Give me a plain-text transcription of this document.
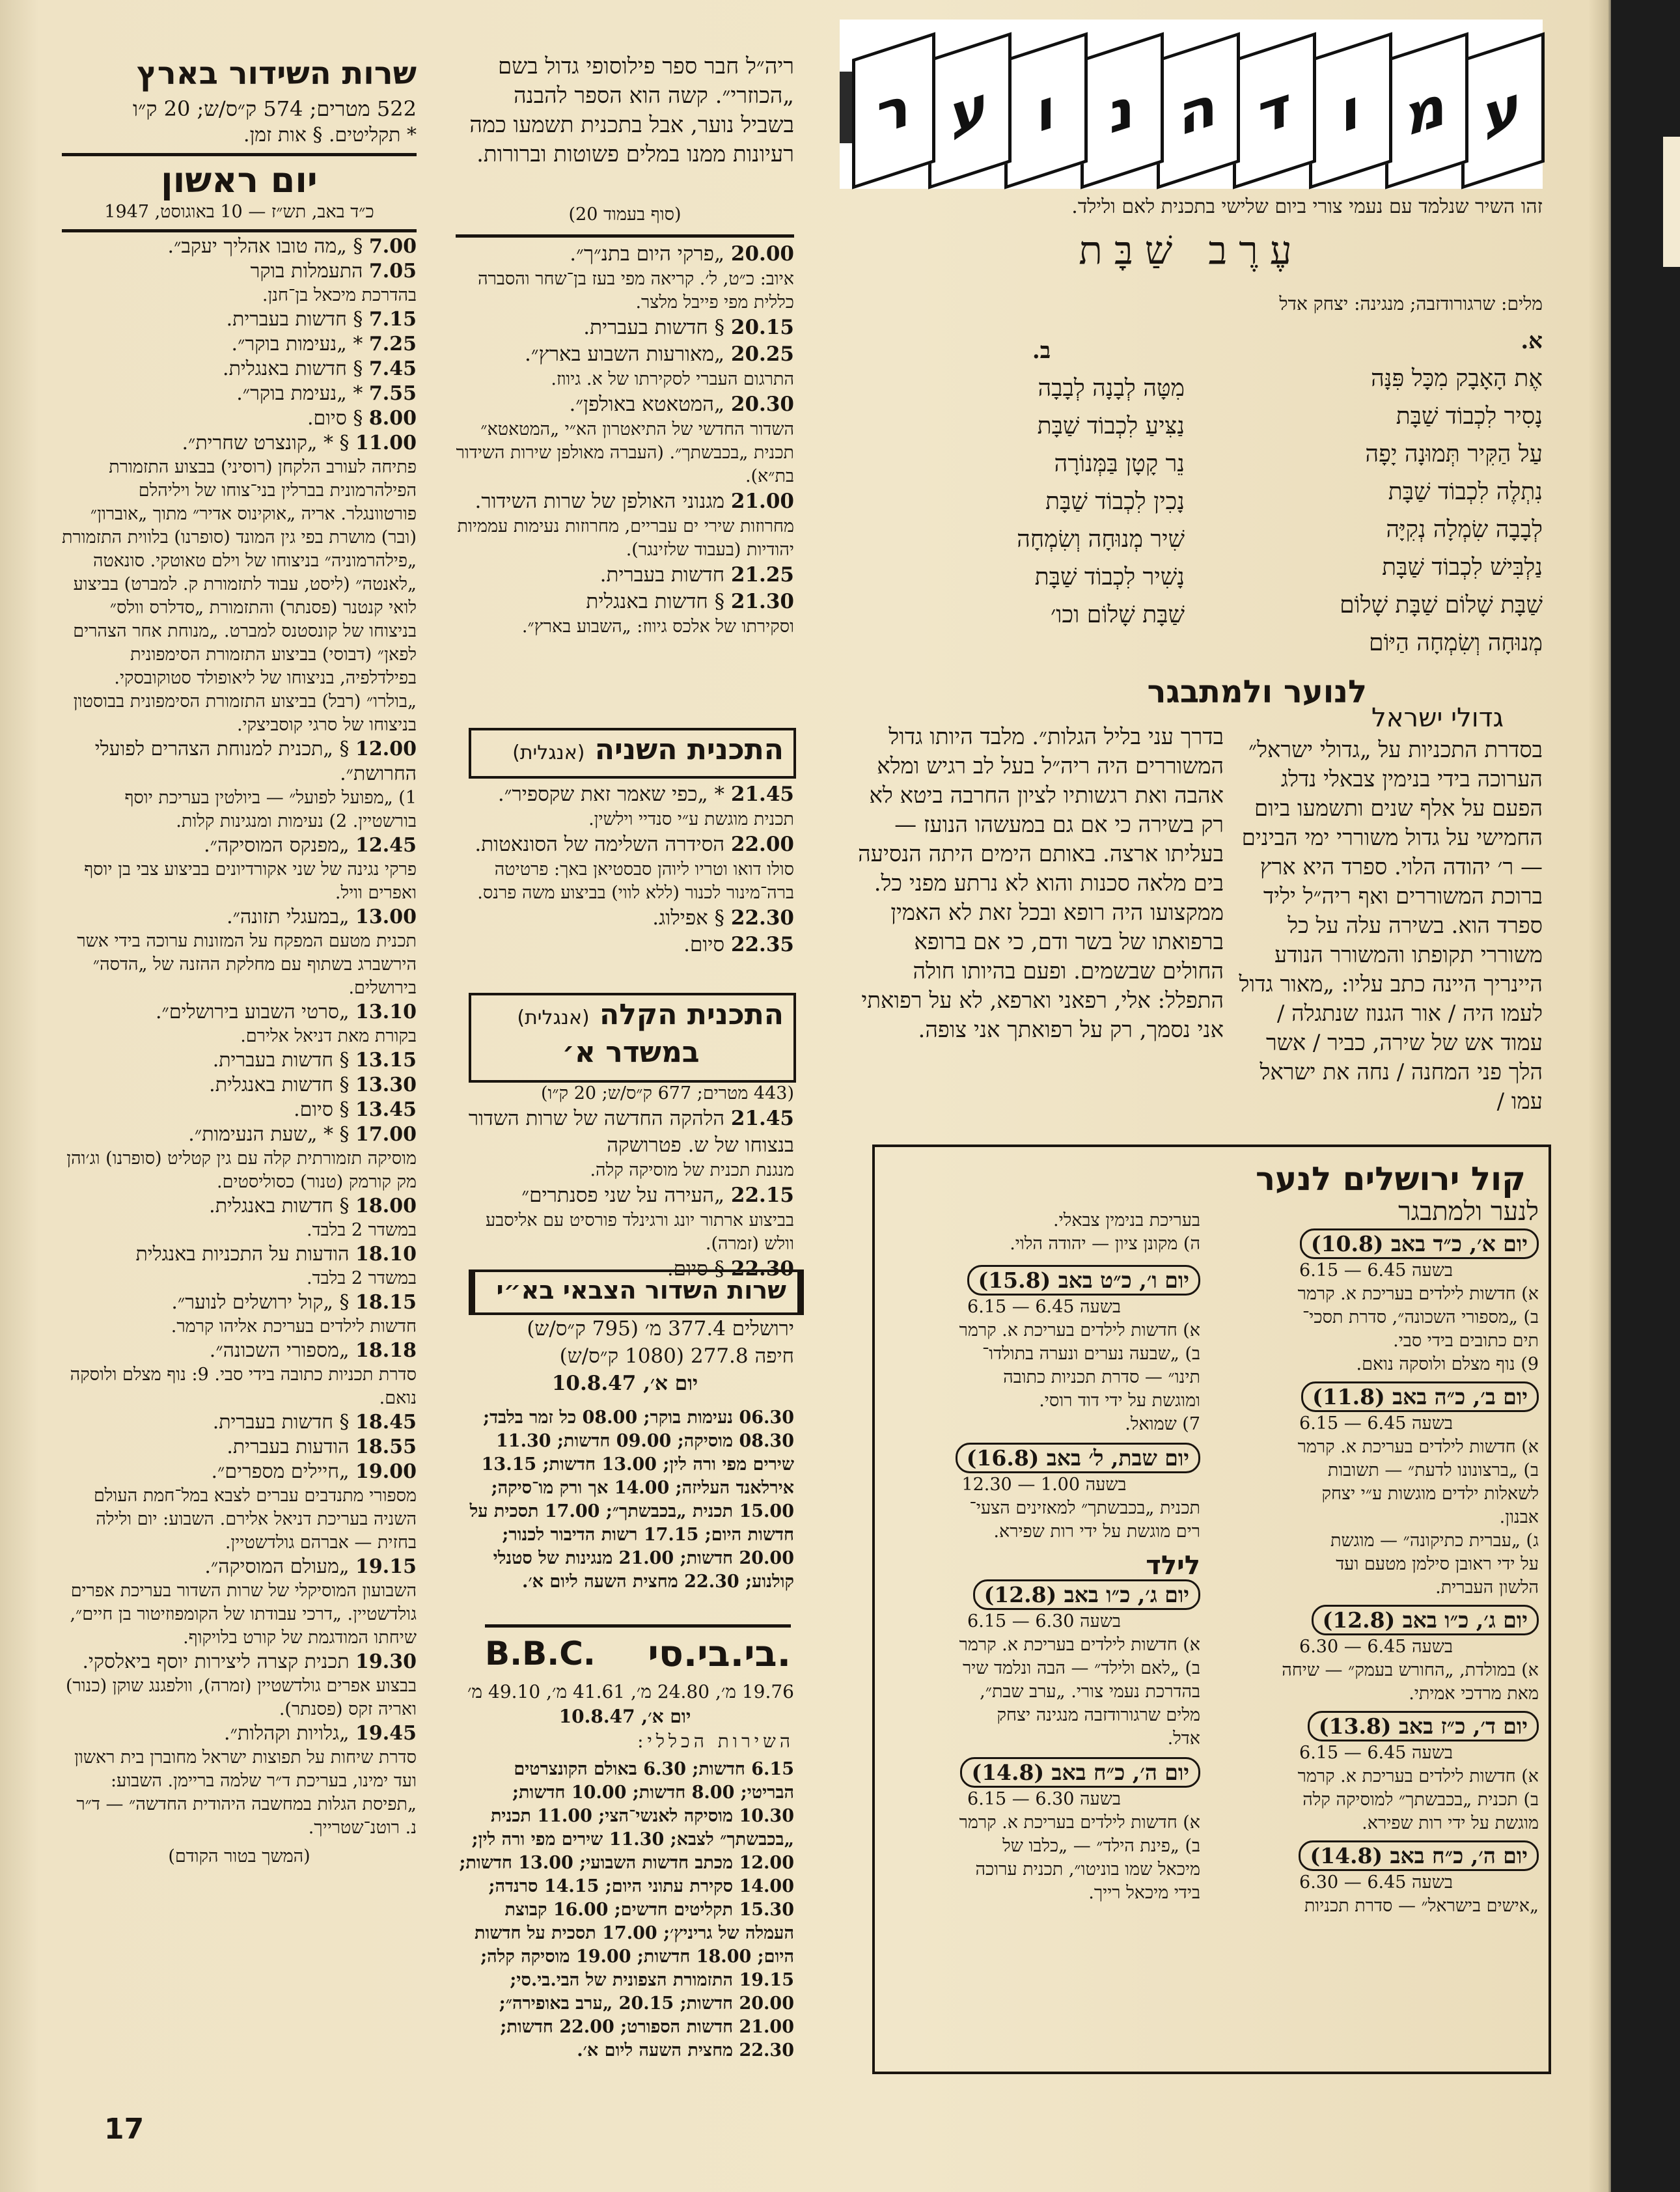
ע
מ
ו
ד
ה
נ
ו
ע
ר
זהו השיר שנלמד עם נעמי צורי ביום שלישי בתכנית לאם ולילד.
עֶרֶב שַׁבָּת
מלים: שרגורודזבה; מנגינה: יצחק אדל
א.
אֶת הָאָבָק מִכָּל פִּנָּה
נָסִיר לִכְבוֹד שַׁבָּת
עַל הַקִּיר תְּמוּנָה יָפָה
נִתְלֶה לִכְבוֹד שַׁבָּת
לְבָבָה שִׂמְלָה נְקִיָּה
נַלְבִּישׁ לִכְבוֹד שַׁבָּת
שַׁבָּת שָׁלוֹם שַׁבָּת שָׁלוֹם
מְנוּחָה וְשִׂמְחָה הַיּוֹם
ב.
מִטָּה לְבָנָה לְבָבָה
נַצִּיעַ לִכְבוֹד שַׁבָּת
נֵר קָטָן בַּמְּנוֹרָה
נָכִין לִכְבוֹד שַׁבָּת
שִׁיר מְנוּחָה וְשִׂמְחָה
נָשִׁיר לִכְבוֹד שַׁבָּת
שַׁבָּת שָׁלוֹם וכו׳
לנוער ולמתבגר
גדולי ישראל
בסדרת התכניות על „גדולי ישראל״ הערוכה בידי בנימין צבאלי נדלג הפעם על אלף שנים ותשמעו ביום החמישי על גדול משוררי ימי הבינים — ר׳ יהודה הלוי. ספרד היא ארץ ברוכת המשוררים ואף ריה״ל יליד ספרד הוא. בשירה עלה על כל משוררי תקופתו והמשורר הנודע היינריך היינה כתב עליו: „מאור גדול לעמו היה / אור הגנוז שנתגלה / עמוד אש של שירה, כביר / אשר הלך פני המחנה / נחה את ישראל עמו /
בדרך עני בליל הגלות״. מלבד היותו גדול המשוררים היה ריה״ל בעל לב רגיש ומלא אהבה ואת רגשותיו לציון החרבה ביטא לא רק בשירה כי אם גם במעשהו הנועז — בעליתו ארצה. באותם הימים היתה הנסיעה בים מלאה סכנות והוא לא נרתע מפני כל. ממקצועו היה רופא ובכל זאת לא האמין ברפואתו של בשר ודם, כי אם ברופא החולים שבשמים. ופעם בהיותו חולה התפלל: אלי, רפאני וארפא, לא על רפואתי אני נסמך, רק על רפואתך אני צופה.
קול ירושלים לנער
לנער ולמתבגר
יום א׳, כ״ד באב (10.8)
בשעה 6.45 — 6.15
א) חדשות לילדים בעריכת א. קרמר
ב) „מספורי השכונה״, סדרת תסכי־
תים כתובים בידי סבי.
9) נוף מצלם ולוסקה נואם.
יום ב׳, כ״ה באב (11.8)
בשעה 6.45 — 6.15
א) חדשות לילדים בעריכת א. קרמר
ב) „ברצונונו לדעת״ — תשובות
לשאלות ילדים מוגשות ע״י יצחק
אבנון.
ג) „עברית כתיקונה״ — מוגשת
על ידי ראובן סילמן מטעם ועד
הלשון העברית.
יום ג׳, כ״ו באב (12.8)
בשעה 6.45 — 6.30
א) במולדת, „החורש בעמק״ — שיחה
מאת מרדכי אמיתי.
יום ד׳, כ״ז באב (13.8)
בשעה 6.45 — 6.15
א) חדשות לילדים בעריכת א. קרמר
ב) תכנית „בכבשתך״ למוסיקה קלה
מוגשת על ידי רות שפירא.
יום ה׳, כ״ח באב (14.8)
בשעה 6.45 — 6.30
„אישים בישראל״ — סדרת תכניות
בעריכת בנימין צבאלי.
ה) מקונן ציון — יהודה הלוי.
יום ו׳, כ״ט באב (15.8)
בשעה 6.45 — 6.15
א) חדשות לילדים בעריכת א. קרמר
ב) „שבעה נערים ונערה בתולדו־
תינו״ — סדרת תכניות כתובה
ומוגשת על ידי דוד רוסי.
7) שמואל.
יום שבת, ל׳ באב (16.8)
בשעה 1.00 — 12.30
תכנית „בכבשתך״ למאזינים הצעי־
רים מוגשת על ידי רות שפירא.
לילד
יום ג׳, כ״ו באב (12.8)
בשעה 6.30 — 6.15
א) חדשות לילדים בעריכת א. קרמר
ב) „לאם ולילד״ — הבה ונלמד שיר
בהדרכת נעמי צורי. „ערב שבת״,
מלים שרגורודזבה מנגינה יצחק
אדל.
יום ה׳, כ״ח באב (14.8)
בשעה 6.30 — 6.15
א) חדשות לילדים בעריכת א. קרמר
ב) „פינת הילד״ — „כלבו של
מיכאל שמו בוניטו״, תכנית ערוכה
בידי מיכאל רייך.
ריה״ל חבר ספר פילוסופי גדול בשם „הכוזרי״. קשה הוא הספר להבנה בשביל נוער, אבל בתכנית תשמעו כמה רעיונות ממנו במלים פשוטות וברורות.
(סוף בעמוד 20)
20.00 „פרקי היום בתנ״ך״.
איוב: כ״ט, ל׳. קריאה מפי בעז בן־שחר והסברה כללית מפי פייבל מלצר.
20.15 § חדשות בעברית.
20.25 „מאורעות השבוע בארץ״.
התרגום העברי לסקירתו של א. גיווז.
20.30 „המטאטא באולפן״.
השדור החדשי של התיאטרון הא״י „המטאטא״ תכנית „בכבשתך״. (העברה מאולפן שירות השידור בת״א).
21.00 מגנוני האולפן של שרות השידור.
מחרוזות שירי ים עבריים, מחרוזות נעימות עממיות יהודיות (בעבוד שלזינגר).
21.25 חדשות בעברית.
21.30 § חדשות באנגלית
וסקירתו של אלכס גיווז: „השבוע בארץ״.
התכנית השניה (אנגלית)
21.45 * „כפי שאמר זאת שקספיר״.
תכנית מוגשת ע״י סנדיי וילשין.
22.00 הסידרה השלימה של הסונאטות.
סולו דואו וטריו ליוהן סבסטיאן באך: פרטיטה ברה־מינור לכנור (ללא לווי) בביצוע משה פרנס.
22.30 § אפילוג.
22.35 סיום.
התכנית הקלה (אנגלית)
במשדר א׳
(443 מטרים; 677 ק״ס/ש; 20 ק״ו)
21.45 הלהקה החדשה של שרות השדור בנצוחו של ש. פטרושקה
מנגנת תכנית של מוסיקה קלה.
22.15 „העירה על שני פסנתרים״
בביצוע ארתור יונג ורגינלד פורסיט עם אליסבע וולש (זמרה).
22.30 § סיום.
שרות השדור הצבאי בא״י
ירושלים 377.4 מ׳ (795 ק״ס/ש)
חיפה 277.8 (1080 ק״ס/ש)
יום א׳, 10.8.47
06.30 נעימות בוקר; 08.00 כל זמר בלבד; 08.30 מוסיקה; 09.00 חדשות; 11.30 שירים מפי ורה לין; 13.00 חדשות; 13.15 אירלאנד העליזה; 14.00 אך ורק מו־סיקה; 15.00 תכנית „בכבשתך״; 17.00 תסכית על חדשות היום; 17.15 רשות הדיבור לכנור; 20.00 חדשות; 21.00 מנגינות של סטנלי קולנוע; 22.30 מחצית השעה ליום א׳.
B.B.C. בי.בי.סי.
19.76 מ׳, 24.80 מ׳, 41.61 מ׳, 49.10 מ׳
יום א׳, 10.8.47
השירות הכללי:
6.15 חדשות; 6.30 באולם הקונצרטים הבריטי; 8.00 חדשות; 10.00 חדשות; 10.30 מוסיקה לאנשי־הצי; 11.00 תכנית „בכבשתך״ לצבא; 11.30 שירים מפי ורה לין; 12.00 מכתב חדשות השבועי; 13.00 חדשות; 14.00 סקירת עתוני היום; 14.15 סרנדה; 15.30 תקליטים חדשים; 16.00 קבוצת העמלה של גריניץ׳; 17.00 תסכית על חדשות היום; 18.00 חדשות; 19.00 מוסיקה קלה; 19.15 התזמורת הצפונית של הבי.בי.סי; 20.00 חדשות; 20.15 „ערב באופירה״; 21.00 חדשות הספורט; 22.00 חדשות; 22.30 מחצית השעה ליום א׳.
שרות השידור בארץ
522 מטרים; 574 ק״ס/ש; 20 ק״ו
* תקליטים. § אות זמן.
יום ראשון
כ״ד באב, תש״ז — 10 באוגוסט, 1947
7.00 § „מה טובו אהליך יעקב״.
7.05 התעמלות בוקר
בהדרכת מיכאל בן־חנן.
7.15 § חדשות בעברית.
7.25 * „נעימות בוקר״.
7.45 § חדשות באנגלית.
7.55 * „נעימת בוקר״.
8.00 § סיום.
11.00 § * „קונצרט שחרית״.
פתיחה לעורב הלקחן (רוסיני) בבצוע התזמורת הפילהרמונית בברלין בני־צוחו של ויליהלם פורטוונגלר. אריה „אוקינוס אדיר״ מתוך „אוברון״ (ובר) מושרת בפי גין המונד (סופרנו) בלווית התזמורת „פילהרמוניה״ בניצוחו של וילם טאוטקי. סונאטה „לאנטה״ (ליסט, עבוד לתזמורת ק. למברט) בביצוע לואי קנטנר (פסנתר) והתזמורת „סדלרס וולס״ בניצוחו של קונסטנס למברט. „מנוחת אחר הצהרים לפאן״ (דבוסי) בביצוע התזמורת הסימפונית בפילדלפיה, בניצוחו של ליאופולד סטוקובסקי. „בולרו״ (רבל) בביצוע התזמורת הסימפונית בבוסטון בניצוחו של סרגי קוסביצקי.
12.00 § „תכנית למנוחת הצהרים לפועלי החרושת״.
1) „מפועל לפועל״ — ביולטין בעריכת יוסף בורשטיין. 2) נעימות ומנגינות קלות.
12.45 „מפנקס המוסיקה״.
פרקי נגינה של שני אקורדיונים בביצוע צבי בן יוסף ואפרים וויל.
13.00 „במעגלי תזונה״.
תכנית מטעם המפקח על המזונות ערוכה בידי אשר הירשברג בשתוף עם מחלקת ההזנה של „הדסה״ בירושלים.
13.10 „סרטי השבוע בירושלים״.
בקורת מאת דניאל אלירם.
13.15 § חדשות בעברית.
13.30 § חדשות באנגלית.
13.45 § סיום.
17.00 § * „שעת הנעימות״.
מוסיקה תזמורתית קלה עם גין קטליט (סופרנו) וג׳והן מק קורמק (טנור) כסוליסטים.
18.00 § חדשות באנגלית.
במשדר 2 בלבד.
18.10 הודעות על התכניות באנגלית
במשדר 2 בלבד.
18.15 § „קול ירושלים לנוער״.
חדשות לילדים בעריכת אליהו קרמר.
18.18 „מספורי השכונה״.
סדרת תכניות כתובה בידי סבי. 9: נוף מצלם ולוסקה נואם.
18.45 § חדשות בעברית.
18.55 הודעות בעברית.
19.00 „חיילים מספרים״.
מספורי מתנדבים עברים לצבא במל־חמת העולם השניה בעריכת דניאל אלירם. השבוע: יום ולילה בחזית — אברהם גולדשטיין.
19.15 „מעולם המוסיקה״.
השבועון המוסיקלי של שרות השדור בעריכת אפרים גולדשטיין. „דרכי עבודתו של הקומפוזיטור בן חיים״, שיחתו המודגמת של קורט בלויקוף.
19.30 תכנית קצרה ליצירות יוסף ביאלסקי.
בבצוע אפרים גולדשטיין (זמרה), וולפגנג שוקן (כנור) ואריה זקס (פסנתר).
19.45 „גלויות וקהלות״.
סדרת שיחות על תפוצות ישראל מחוברן בית ראשון ועד ימינו, בעריכת ד״ר שלמה בריימן. השבוע: „תפיסת הגלות במחשבה היהודית החדשה״ — ד״ר נ. רוטנ־שטרייך.
(המשך בטור הקודם)
17
